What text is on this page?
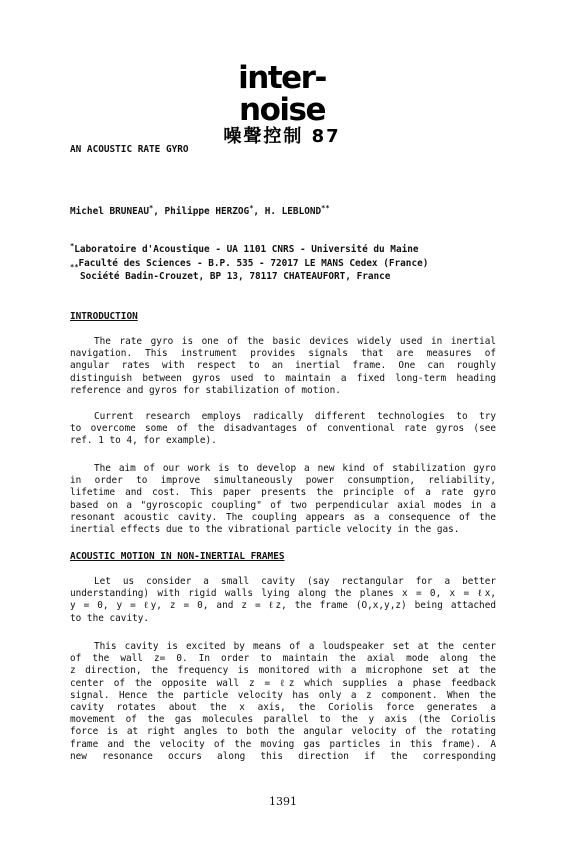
inter-noise
噪聲控制 87
AN ACOUSTIC RATE GYRO
Michel BRUNEAU*, Philippe HERZOG*, H. LEBLOND**
*Laboratoire d'Acoustique - UA 1101 CNRS - Université du Maine
$_{**}$Faculté des Sciences - B.P. 535 - 72017 LE MANS Cedex (France)
Société Badin-Crouzet, BP 13, 78117 CHATEAUFORT, France
INTRODUCTION
The rate gyro is one of the basic devices widely used in inertial
navigation. This instrument provides signals that are measures of
angular rates with respect to an inertial frame. One can roughly
distinguish between gyros used to maintain a fixed long-term heading
reference and gyros for stabilization of motion.
Current research employs radically different technologies to try
to overcome some of the disadvantages of conventional rate gyros (see
ref. 1 to 4, for example).
The aim of our work is to develop a new kind of stabilization gyro
in order to improve simultaneously power consumption, reliability,
lifetime and cost. This paper presents the principle of a rate gyro
based on a "gyroscopic coupling" of two perpendicular axial modes in a
resonant acoustic cavity. The coupling appears as a consequence of the
inertial effects due to the vibrational particle velocity in the gas.
ACOUSTIC MOTION IN NON-INERTIAL FRAMES
Let us consider a small cavity (say rectangular for a better
understanding) with rigid walls lying along the planes x = 0, x = ℓx,
y = 0, y = ℓy, z = 0, and z = ℓz, the frame (O,x,y,z) being attached
to the cavity.
This cavity is excited by means of a loudspeaker set at the center
of the wall z= 0. In order to maintain the axial mode along the
z direction, the frequency is monitored with a microphone set at the
center of the opposite wall z = ℓz which supplies a phase feedback
signal. Hence the particle velocity has only a z component. When the
cavity rotates about the x axis, the Coriolis force generates a
movement of the gas molecules parallel to the y axis (the Coriolis
force is at right angles to both the angular velocity of the rotating
frame and the velocity of the moving gas particles in this frame). A
new resonance occurs along this direction if the corresponding
1391
